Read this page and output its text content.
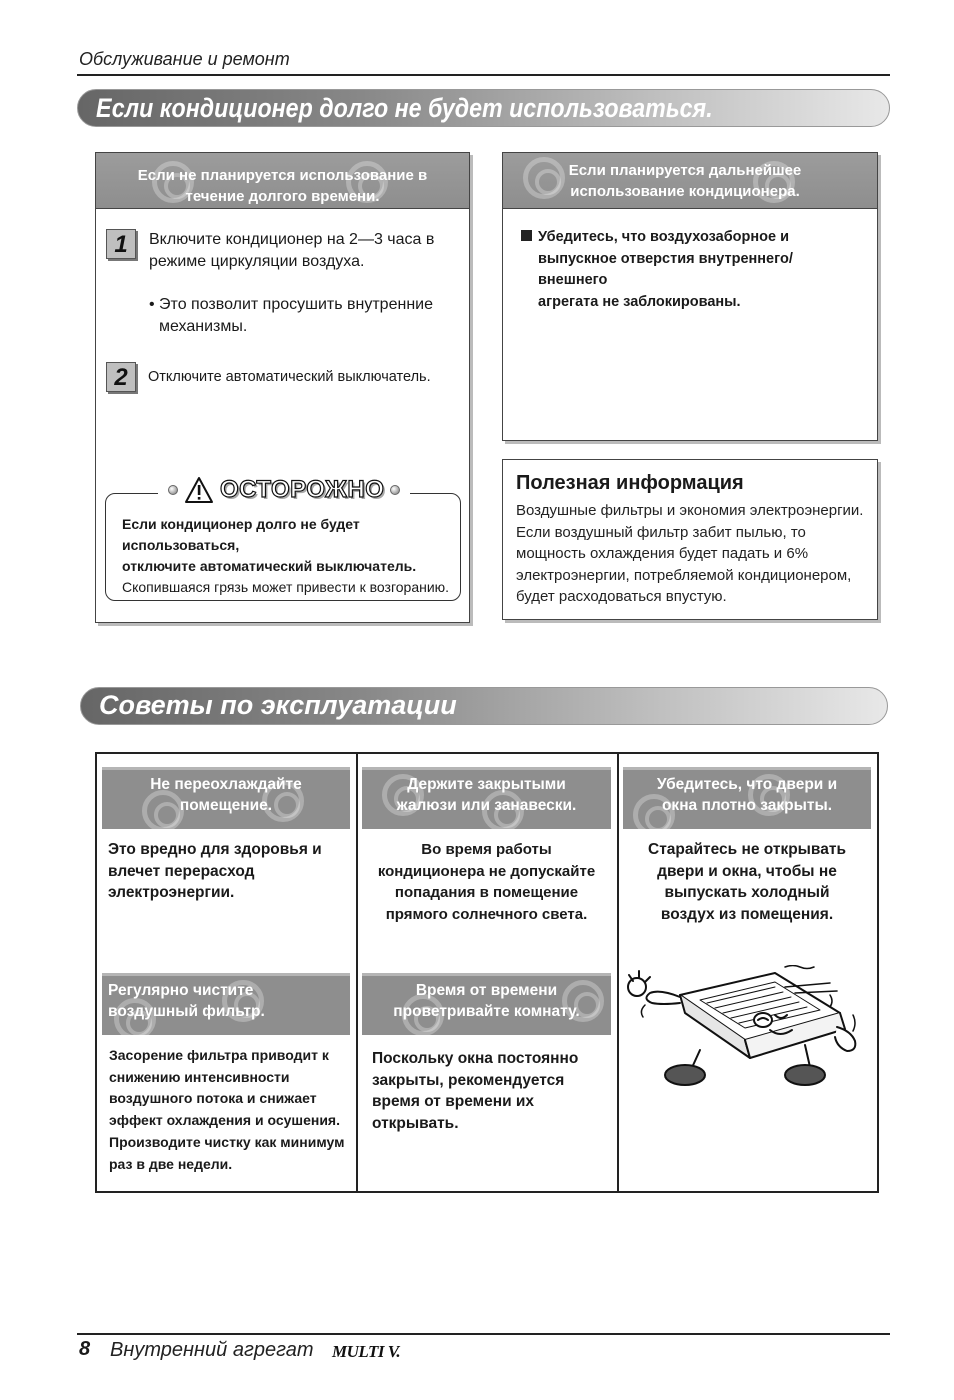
Обслуживание и ремонт
Если кондиционер долго не будет использоваться.
Если не планируется использование в
течение долгого времени.
1	Включите кондиционер на 2—3 часа в
режиме циркуляции воздуха.
• Это позволит просушить внутренние
механизмы.
2	Отключите автоматический выключатель.
ОСТОРОЖНО
Если кондиционер долго не будет использоваться,
отключите автоматический выключатель.
Скопившаяся грязь может привести к возгоранию.
Если планируется дальнейшее
использование кондиционера.
Убедитесь, что воздухозаборное и
выпускное отверстия внутреннего/внешнего
агрегата не заблокированы.
Полезная информация
Воздушные фильтры и экономия электроэнергии.
Если воздушный фильтр забит пылью, то
мощность охлаждения будет падать и 6%
электроэнергии, потребляемой кондиционером,
будет расходоваться впустую.
Советы по эксплуатации
Не переохлаждайте
помещение.
Это вредно для здоровья и
влечет перерасход
электроэнергии.
Держите закрытыми
жалюзи или занавески.
Во время работы
кондиционера не допускайте
попадания в помещение
прямого солнечного света.
Убедитесь, что двери и
окна плотно закрыты.
Старайтесь не открывать
двери и окна, чтобы не
выпускать холодный
воздух из помещения.
Регулярно чистите
воздушный фильтр.
Засорение фильтра приводит к
снижению интенсивности
воздушного потока и снижает
эффект охлаждения и осушения.
Производите чистку как минимум
раз в две недели.
Время от времени
проветривайте комнату.
Поскольку окна постоянно
закрыты, рекомендуется
время от времени их
открывать.
8 Внутренний агрегат MULTI V.
